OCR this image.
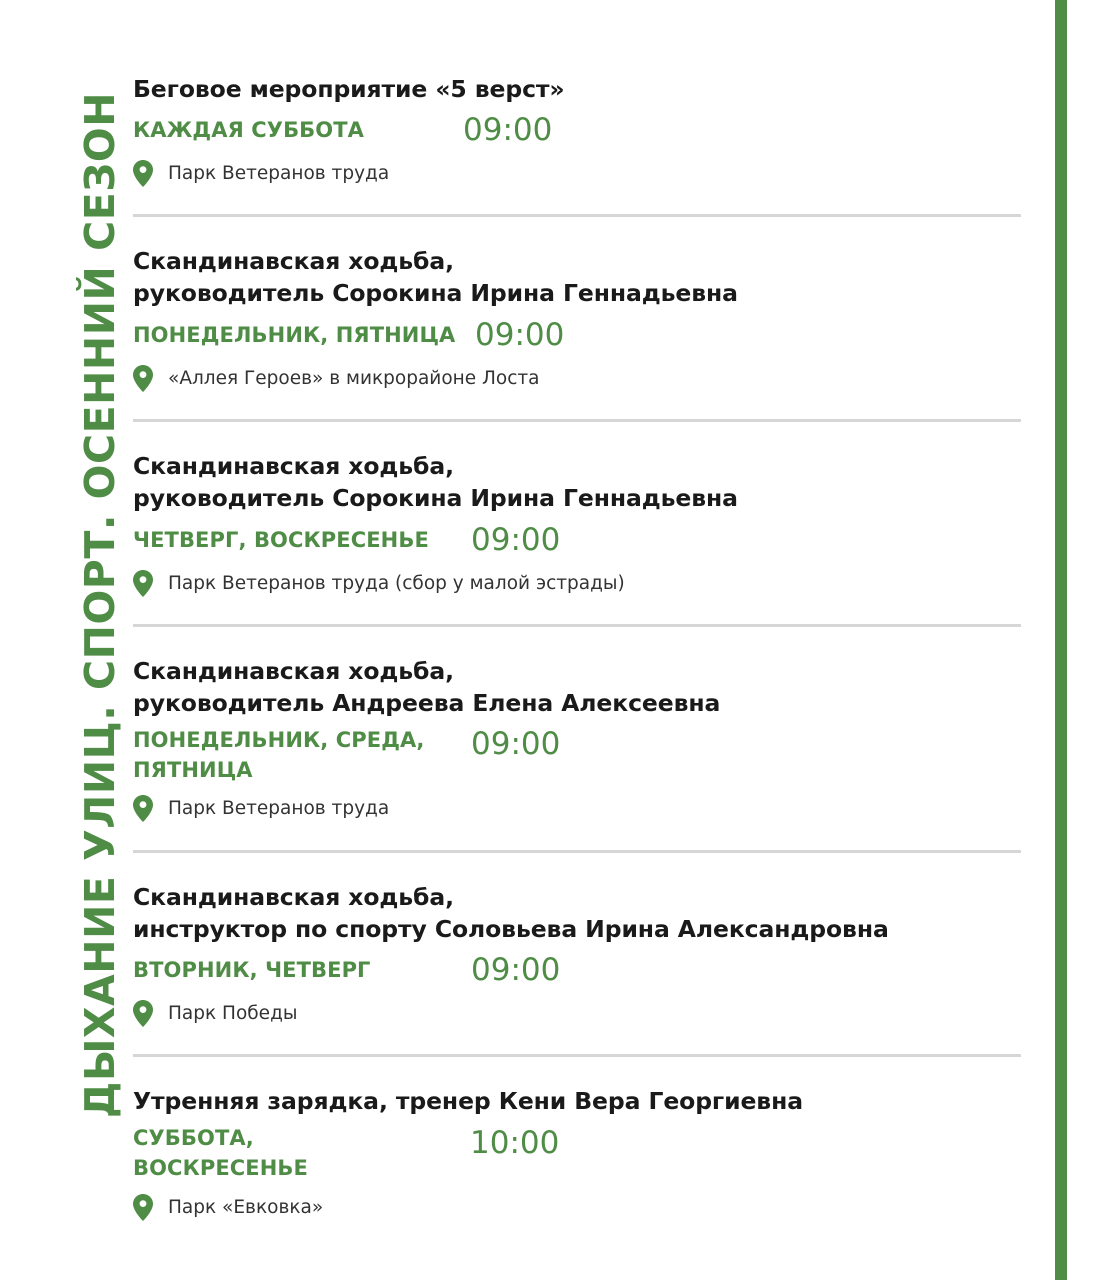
ДЫХАНИЕ УЛИЦ. СПОРТ. ОСЕННИЙ СЕЗОН
Беговое мероприятие «5 верст»
КАЖДАЯ СУББОТА	09:00
Парк Ветеранов труда
Скандинавская ходьба,
руководитель Сорокина Ирина Геннадьевна
ПОНЕДЕЛЬНИК, ПЯТНИЦА 09:00
«Аллея Героев» в микрорайоне Лоста
Скандинавская ходьба,
руководитель Сорокина Ирина Геннадьевна
ЧЕТВЕРГ, ВОСКРЕСЕНЬЕ 09:00
Парк Ветеранов труда (сбор у малой эстрады)
Скандинавская ходьба,
руководитель Андреева Елена Алексеевна
ПОНЕДЕЛЬНИК, СРЕДА,
ПЯТНИЦА
09:00
Парк Ветеранов труда
Скандинавская ходьба,
инструктор по спорту Соловьева Ирина Александровна
ВТОРНИК, ЧЕТВЕРГ	09:00
Парк Победы
Утренняя зарядка, тренер Кени Вера Георгиевна
СУББОТА,
ВОСКРЕСЕНЬЕ
10:00
Парк «Евковка»
